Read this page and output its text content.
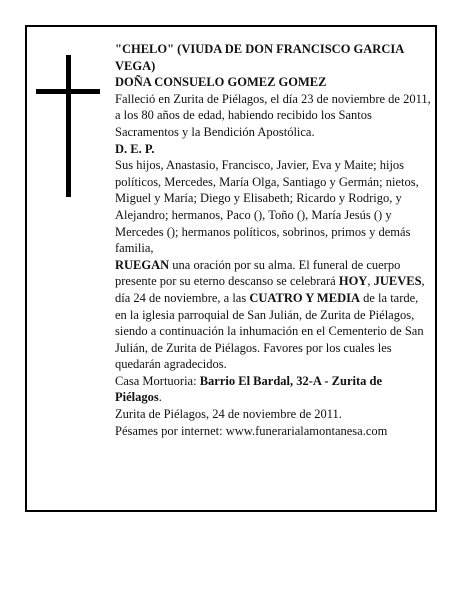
"CHELO" (VIUDA DE DON FRANCISCO GARCIA VEGA)

DOÑA CONSUELO GOMEZ GOMEZ

Falleció en Zurita de Piélagos, el día 23 de noviembre de 2011, a los 80 años de edad, habiendo recibido los Santos Sacramentos y la Bendición Apostólica.

D. E. P.

Sus hijos, Anastasio, Francisco, Javier, Eva y Maite; hijos políticos, Mercedes, María Olga, Santiago y Germán; nietos, Miguel y María; Diego y Elisabeth; Ricardo y Rodrigo, y Alejandro; hermanos, Paco (), Toño (), María Jesús () y Mercedes (); hermanos políticos, sobrinos, primos y demás familia,

RUEGAN una oración por su alma. El funeral de cuerpo presente por su eterno descanso se celebrará HOY, JUEVES, día 24 de noviembre, a las CUATRO Y MEDIA de la tarde, en la iglesia parroquial de San Julián, de Zurita de Piélagos, siendo a continuación la inhumación en el Cementerio de San Julián, de Zurita de Piélagos. Favores por los cuales les quedarán agradecidos.

Casa Mortuoria: Barrio El Bardal, 32-A - Zurita de Piélagos.

Zurita de Piélagos, 24 de noviembre de 2011.

Pésames por internet: www.funerarialamontanesa.com
